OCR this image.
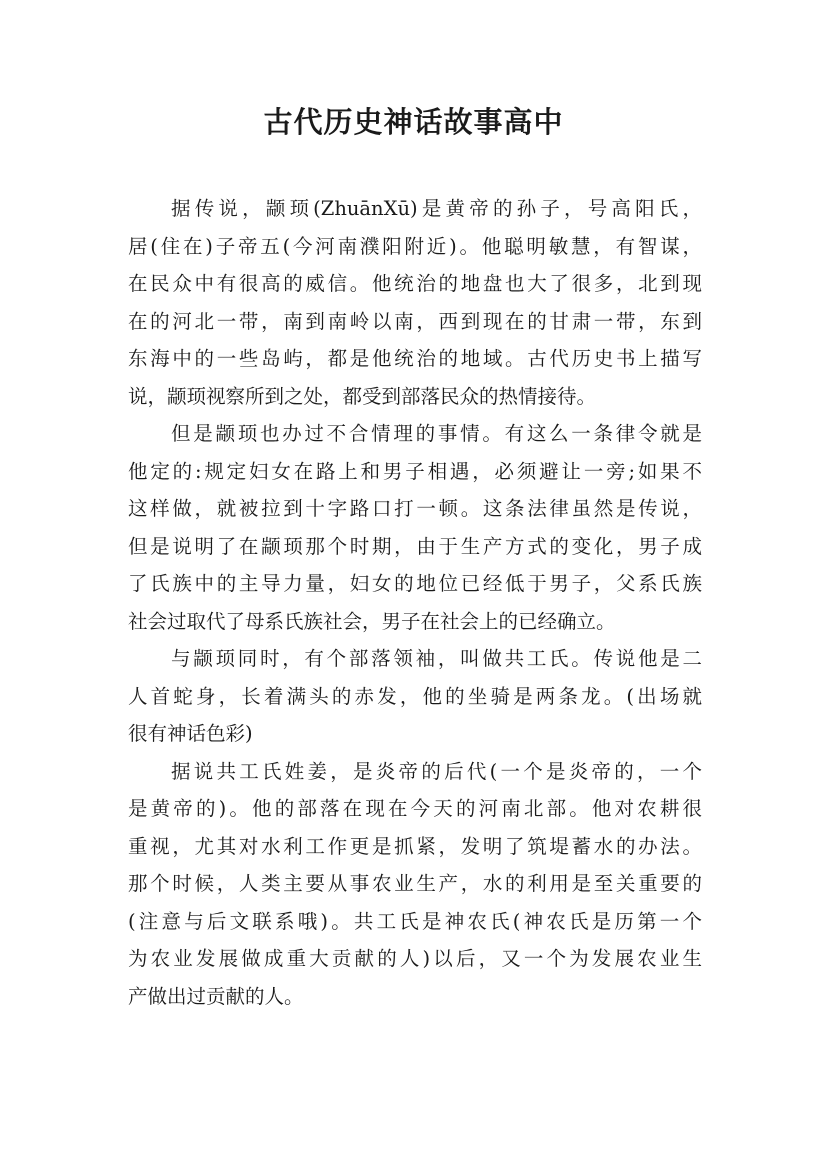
古代历史神话故事高中
据传说，颛顼(ZhuānXū)是黄帝的孙子，号高阳氏，
居(住在)子帝五(今河南濮阳附近)。他聪明敏慧，有智谋，
在民众中有很高的威信。他统治的地盘也大了很多，北到现
在的河北一带，南到南岭以南，西到现在的甘肃一带，东到
东海中的一些岛屿，都是他统治的地域。古代历史书上描写
说，颛顼视察所到之处，都受到部落民众的热情接待。
但是颛顼也办过不合情理的事情。有这么一条律令就是
他定的:规定妇女在路上和男子相遇，必须避让一旁;如果不
这样做，就被拉到十字路口打一顿。这条法律虽然是传说，
但是说明了在颛顼那个时期，由于生产方式的变化，男子成
了氏族中的主导力量，妇女的地位已经低于男子，父系氏族
社会过取代了母系氏族社会，男子在社会上的已经确立。
与颛顼同时，有个部落领袖，叫做共工氏。传说他是二
人首蛇身，长着满头的赤发，他的坐骑是两条龙。(出场就
很有神话色彩)
据说共工氏姓姜，是炎帝的后代(一个是炎帝的，一个
是黄帝的)。他的部落在现在今天的河南北部。他对农耕很
重视，尤其对水利工作更是抓紧，发明了筑堤蓄水的办法。
那个时候，人类主要从事农业生产，水的利用是至关重要的
(注意与后文联系哦)。共工氏是神农氏(神农氏是历第一个
为农业发展做成重大贡献的人)以后，又一个为发展农业生
产做出过贡献的人。
